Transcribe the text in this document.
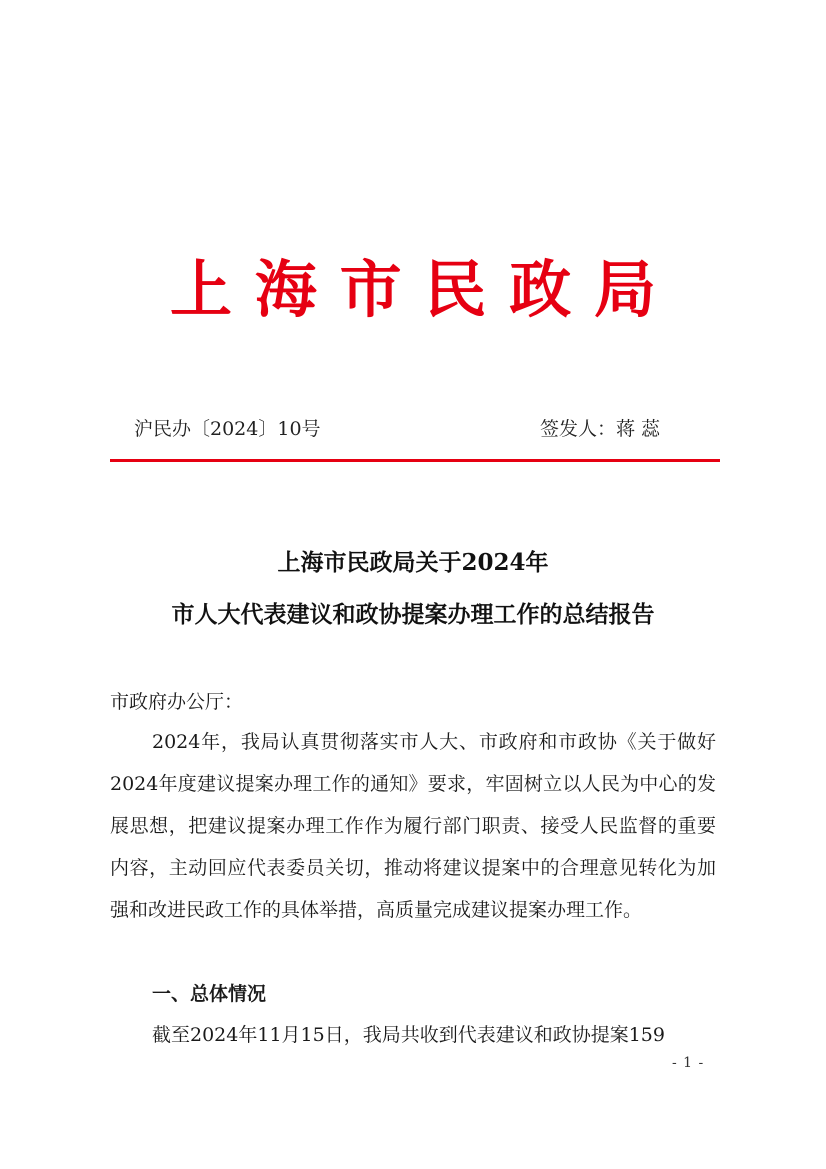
上 海 市 民 政 局
沪民办〔2024〕10号	签发人：蒋 蕊
上海市民政局关于2024年
市人大代表建议和政协提案办理工作的总结报告
市政府办公厅：

2024年，我局认真贯彻落实市人大、市政府和市政协《关于做好2024年度建议提案办理工作的通知》要求，牢固树立以人民为中心的发展思想，把建议提案办理工作作为履行部门职责、接受人民监督的重要内容，主动回应代表委员关切，推动将建议提案中的合理意见转化为加强和改进民政工作的具体举措，高质量完成建议提案办理工作。

一、总体情况

截至2024年11月15日，我局共收到代表建议和政协提案159

- 1 -
